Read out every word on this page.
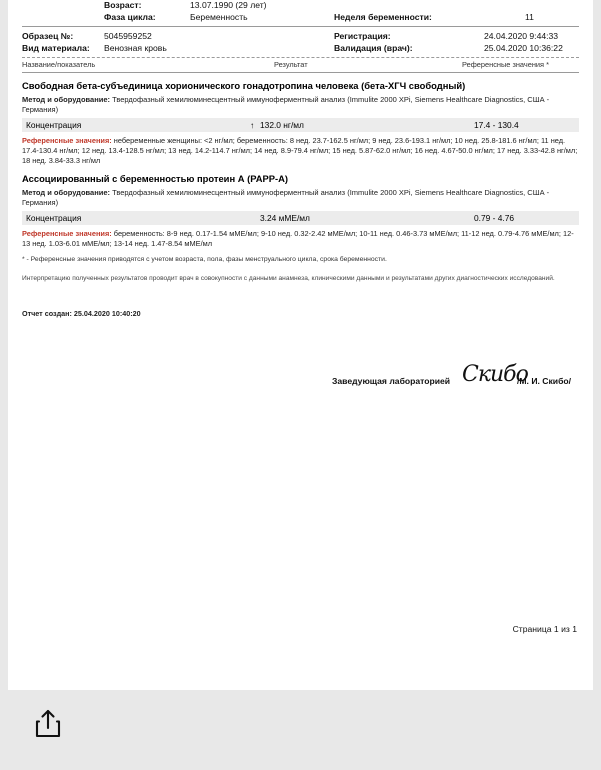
Возраст:	13.07.1990 (29 лет)
Фаза цикла:	Беременность	Неделя беременности:	11
Образец №:	5045959252
Вид материала: Венозная кровь
Регистрация:	24.04.2020 9:44:33
Валидация (врач):	25.04.2020 10:36:22
Название/показатель	Результат	Референсные значения *
Свободная бета-субъединица хорионического гонадотропина человека (бета-ХГЧ свободный)
Метод и оборудование: Твердофазный хемилюминесцентный иммуноферментный анализ (Immulite 2000 XPi, Siemens Healthcare Diagnostics, США - Германия)
Концентрация	↑ 132.0 нг/мл	17.4 - 130.4
Референсные значения: небеременные женщины: <2 нг/мл; беременность: 8 нед. 23.7-162.5 нг/мл; 9 нед. 23.6-193.1 нг/мл; 10 нед. 25.8-181.6 нг/мл; 11 нед. 17.4-130.4 нг/мл; 12 нед. 13.4-128.5 нг/мл; 13 нед. 14.2-114.7 нг/мл; 14 нед. 8.9-79.4 нг/мл; 15 нед. 5.87-62.0 нг/мл; 16 нед. 4.67-50.0 нг/мл; 17 нед. 3.33-42.8 нг/мл; 18 нед. 3.84-33.3 нг/мл
Ассоциированный с беременностью протеин А (PAPP-A)
Метод и оборудование: Твердофазный хемилюминесцентный иммуноферментный анализ (Immulite 2000 XPi, Siemens Healthcare Diagnostics, США - Германия)
Концентрация	3.24 мМЕ/мл	0.79 - 4.76
Референсные значения: беременность: 8-9 нед. 0.17-1.54 мМЕ/мл; 9-10 нед. 0.32-2.42 мМЕ/мл; 10-11 нед. 0.46-3.73 мМЕ/мл; 11-12 нед. 0.79-4.76 мМЕ/мл; 12-13 нед. 1.03-6.01 мМЕ/мл; 13-14 нед. 1.47-8.54 мМЕ/мл
* - Референсные значения приводятся с учетом возраста, пола, фазы менструального цикла, срока беременности.
Интерпретацию полученных результатов проводит врач в совокупности с данными анамнеза, клиническими данными и результатами других диагностических исследований.
Отчет создан: 25.04.2020 10:40:20
Заведующая лабораторией Скибо
/М. И. Скибо/
Страница 1 из 1
